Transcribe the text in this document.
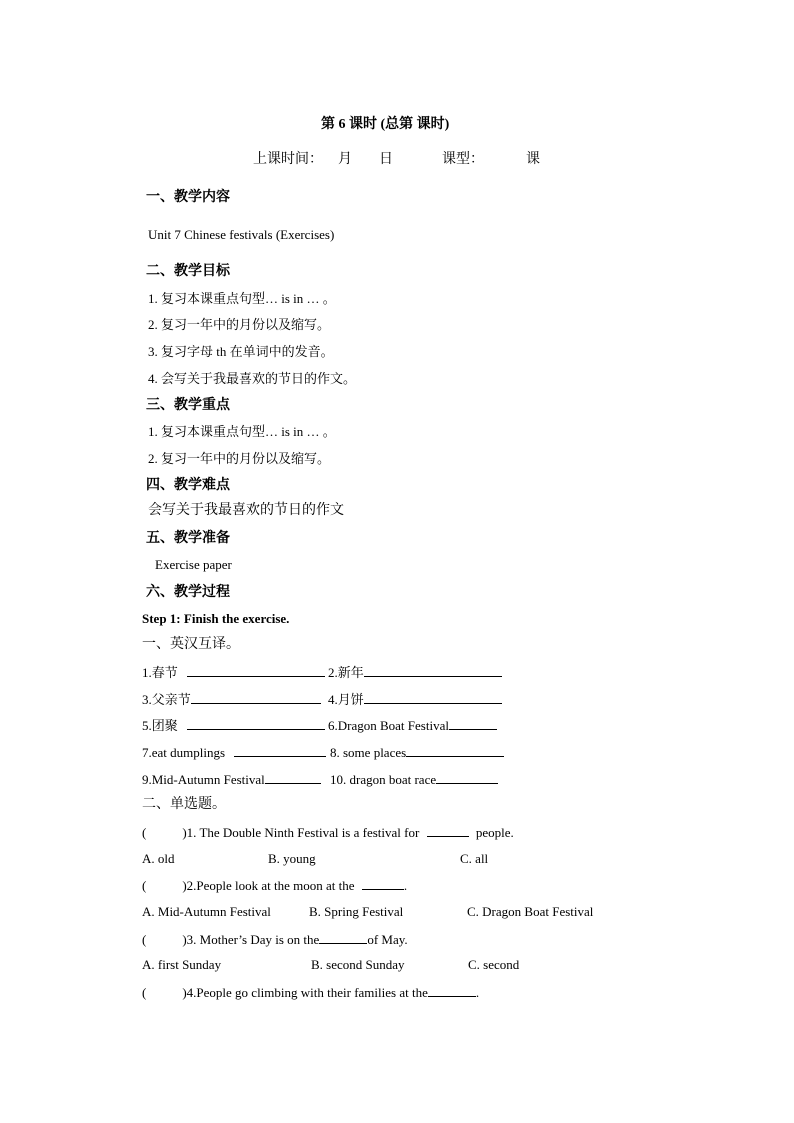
第 6 课时 (总第 课时)
上课时间： 月 日	课型：	课
一、教学内容
Unit 7 Chinese festivals (Exercises)
二、教学目标
1. 复习本课重点句型… is in … 。
2. 复习一年中的月份以及缩写。
3. 复习字母 th 在单词中的发音。
4. 会写关于我最喜欢的节日的作文。
三、教学重点
1. 复习本课重点句型… is in … 。
2. 复习一年中的月份以及缩写。
四、教学难点
会写关于我最喜欢的节日的作文
五、教学准备
Exercise paper
六、教学过程
Step 1: Finish the exercise.
一、英汉互译。
1.春节	2.新年
3.父亲节	4.月饼
5.团聚	6.Dragon Boat Festival
7.eat dumplings	8. some places
9.Mid-Autumn Festival	10. dragon boat race
二、单选题。
(	)1. The Double Ninth Festival is a festival for	people.
A. old	B. young	C. all
(	)2.People look at the moon at the	.
A. Mid-Autumn Festival	B. Spring Festival	C. Dragon Boat Festival
(	)3. Mother’s Day is on the	of May.
A. first Sunday	B. second Sunday	C. second
(	)4.People go climbing with their families at the	.
